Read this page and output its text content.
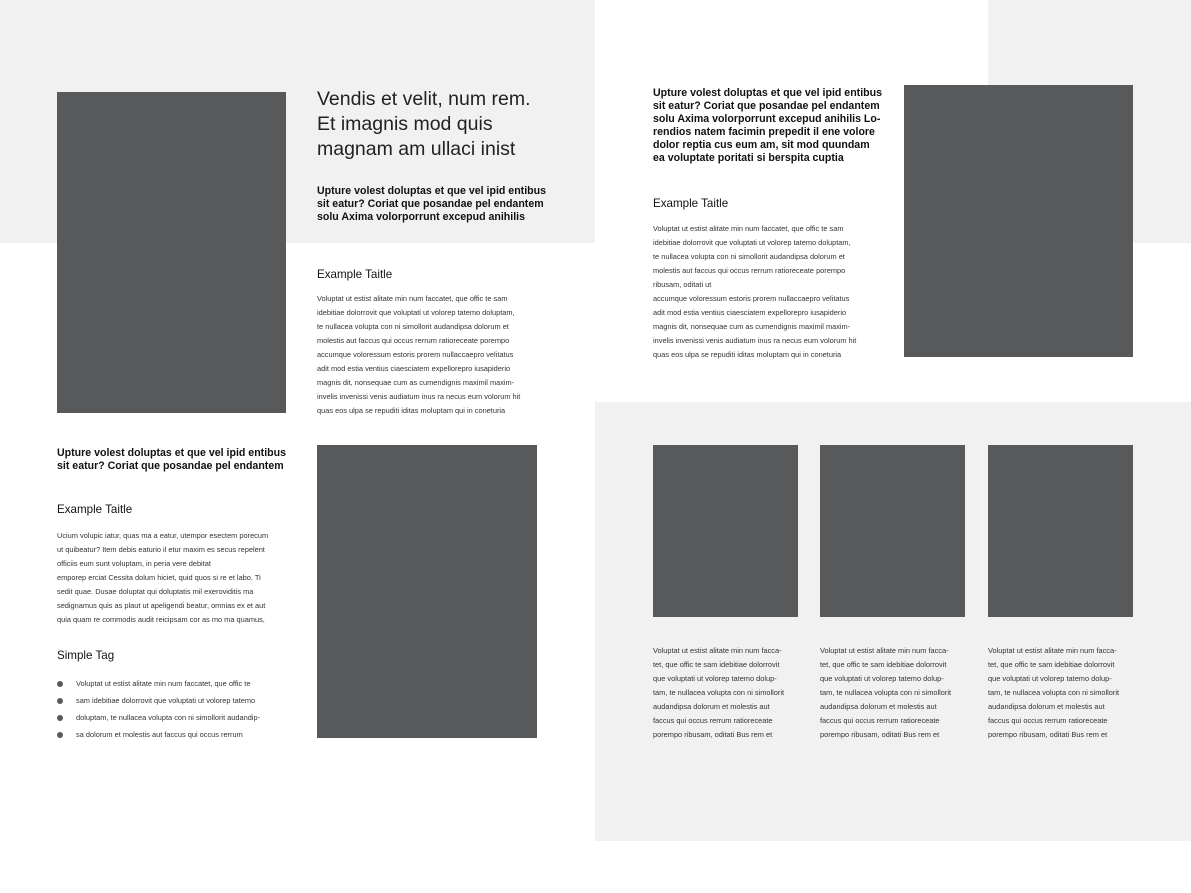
Vendis et velit, num rem.
Et imagnis mod quis
magnam am ullaci inist
Upture volest doluptas et que vel ipid entibus
sit eatur? Coriat que posandae pel endantem
solu Axima volorporrunt excepud anihilis
Example Taitle
Voluptat ut estist alitate min num faccatet, que offic te sam
idebitiae dolorrovit que voluptati ut volorep tatemo doluptam,
te nullacea volupta con ni simollorit audandipsa dolorum et
molestis aut faccus qui occus rerrum ratioreceate porempo
accumque voloressum estoris prorem nullaccaepro velitatus
adit mod estia ventius ciaesciatem expellorepro iusapiderio
magnis dit, nonsequae cum as cumendignis maximil maxim-
invelis invenissi venis audiatum inus ra necus eum volorum hit
quas eos ulpa se repuditi iditas moluptam qui in coneturia
Upture volest doluptas et que vel ipid entibus
sit eatur? Coriat que posandae pel endantem
Example Taitle
Ucium volupic iatur, quas ma a eatur, utempor esectem porecum
ut quibeatur? Item debis eaturio il etur maxim es secus repelent
officiis eum sunt voluptam, in peria vere debitat
emporep erciat Cessita dolum hiciet, quid quos si re et labo. Ti
sedit quae. Dusae doluptat qui doluptatis mil exeroviditis ma
sedignamus quis as plaut ut apeligendi beatur, omnias ex et aut
quia quam re commodis audit reicipsam cor as mo ma quamus,
Simple Tag
Voluptat ut estist alitate min num faccatet, que offic te
sam idebitiae dolorrovit que voluptati ut volorep tatemo
doluptam, te nullacea volupta con ni simollorit audandip-
sa dolorum et molestis aut faccus qui occus rerrum
Upture volest doluptas et que vel ipid entibus
sit eatur? Coriat que posandae pel endantem
solu Axima volorporrunt excepud anihilis Lo-
rendios natem facimin prepedit il ene volore
dolor reptia cus eum am, sit mod quundam
ea voluptate poritati si berspita cuptia
Example Taitle
Voluptat ut estist alitate min num faccatet, que offic te sam
idebitiae dolorrovit que voluptati ut volorep tatemo doluptam,
te nullacea volupta con ni simollorit audandipsa dolorum et
molestis aut faccus qui occus rerrum ratioreceate porempo
ribusam, oditati ut
accumque voloressum estoris prorem nullaccaepro velitatus
adit mod estia ventius ciaesciatem expellorepro iusapiderio
magnis dit, nonsequae cum as cumendignis maximil maxim-
invelis invenissi venis audiatum inus ra necus eum volorum hit
quas eos ulpa se repuditi iditas moluptam qui in coneturia
Voluptat ut estist alitate min num facca-
tet, que offic te sam idebitiae dolorrovit
que voluptati ut volorep tatemo dolup-
tam, te nullacea volupta con ni simollorit
audandipsa dolorum et molestis aut
faccus qui occus rerrum ratioreceate
porempo ribusam, oditati Bus rem et
Voluptat ut estist alitate min num facca-
tet, que offic te sam idebitiae dolorrovit
que voluptati ut volorep tatemo dolup-
tam, te nullacea volupta con ni simollorit
audandipsa dolorum et molestis aut
faccus qui occus rerrum ratioreceate
porempo ribusam, oditati Bus rem et
Voluptat ut estist alitate min num facca-
tet, que offic te sam idebitiae dolorrovit
que voluptati ut volorep tatemo dolup-
tam, te nullacea volupta con ni simollorit
audandipsa dolorum et molestis aut
faccus qui occus rerrum ratioreceate
porempo ribusam, oditati Bus rem et
